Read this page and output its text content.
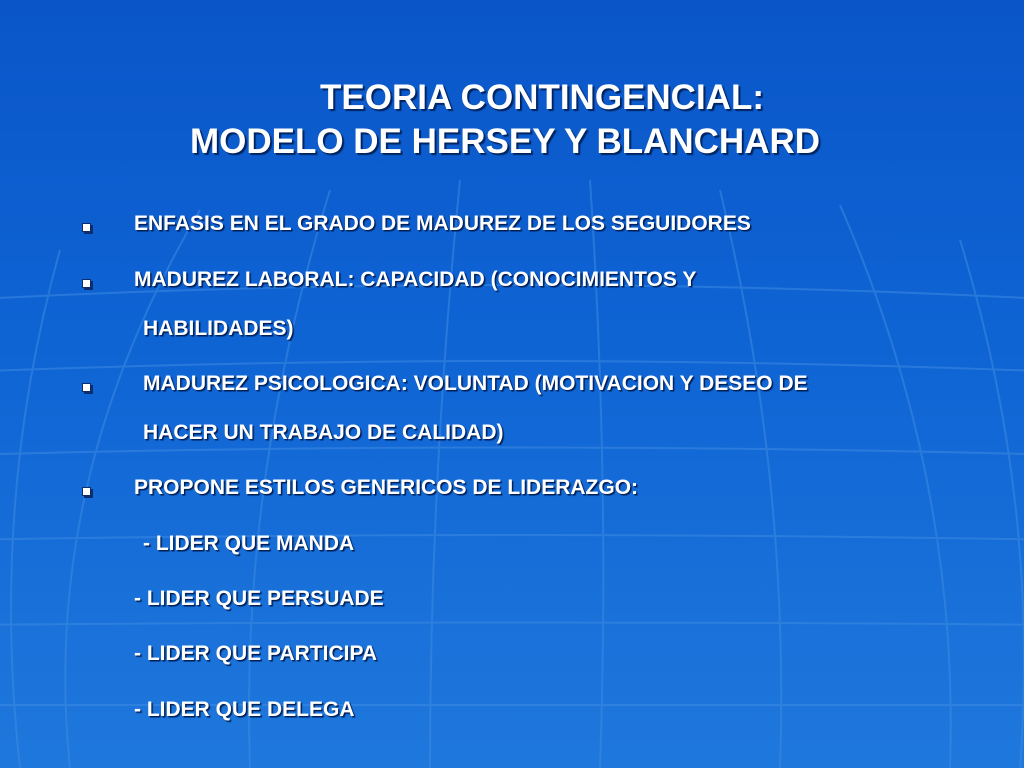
TEORIA CONTINGENCIAL:
MODELO DE HERSEY Y BLANCHARD
ENFASIS EN EL GRADO DE MADUREZ DE LOS SEGUIDORES
MADUREZ LABORAL: CAPACIDAD (CONOCIMIENTOS Y
HABILIDADES)
MADUREZ PSICOLOGICA: VOLUNTAD (MOTIVACION Y DESEO DE
HACER UN TRABAJO DE CALIDAD)
PROPONE ESTILOS GENERICOS DE LIDERAZGO:
- LIDER QUE MANDA
- LIDER QUE PERSUADE
- LIDER QUE PARTICIPA
- LIDER QUE DELEGA
